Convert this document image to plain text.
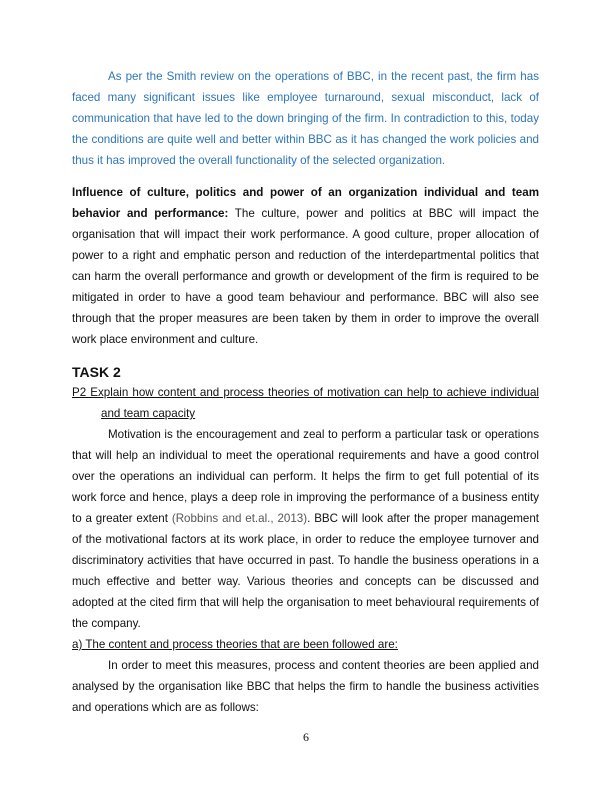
As per the Smith review on the operations of BBC, in the recent past, the firm has faced many significant issues like employee turnaround, sexual misconduct, lack of communication that have led to the down bringing of the firm. In contradiction to this, today the conditions are quite well and better within BBC as it has changed the work policies and thus it has improved the overall functionality of the selected organization.

Influence of culture, politics and power of an organization individual and team behavior and performance: The culture, power and politics at BBC will impact the organisation that will impact their work performance. A good culture, proper allocation of power to a right and emphatic person and reduction of the interdepartmental politics that can harm the overall performance and growth or development of the firm is required to be mitigated in order to have a good team behaviour and performance. BBC will also see through that the proper measures are been taken by them in order to improve the overall work place environment and culture.

TASK 2

P2 Explain how content and process theories of motivation can help to achieve individual and team capacity

Motivation is the encouragement and zeal to perform a particular task or operations that will help an individual to meet the operational requirements and have a good control over the operations an individual can perform. It helps the firm to get full potential of its work force and hence, plays a deep role in improving the performance of a business entity to a greater extent (Robbins and et.al., 2013). BBC will look after the proper management of the motivational factors at its work place, in order to reduce the employee turnover and discriminatory activities that have occurred in past. To handle the business operations in a much effective and better way. Various theories and concepts can be discussed and adopted at the cited firm that will help the organisation to meet behavioural requirements of the company.

a) The content and process theories that are been followed are:

In order to meet this measures, process and content theories are been applied and analysed by the organisation like BBC that helps the firm to handle the business activities and operations which are as follows:

6
